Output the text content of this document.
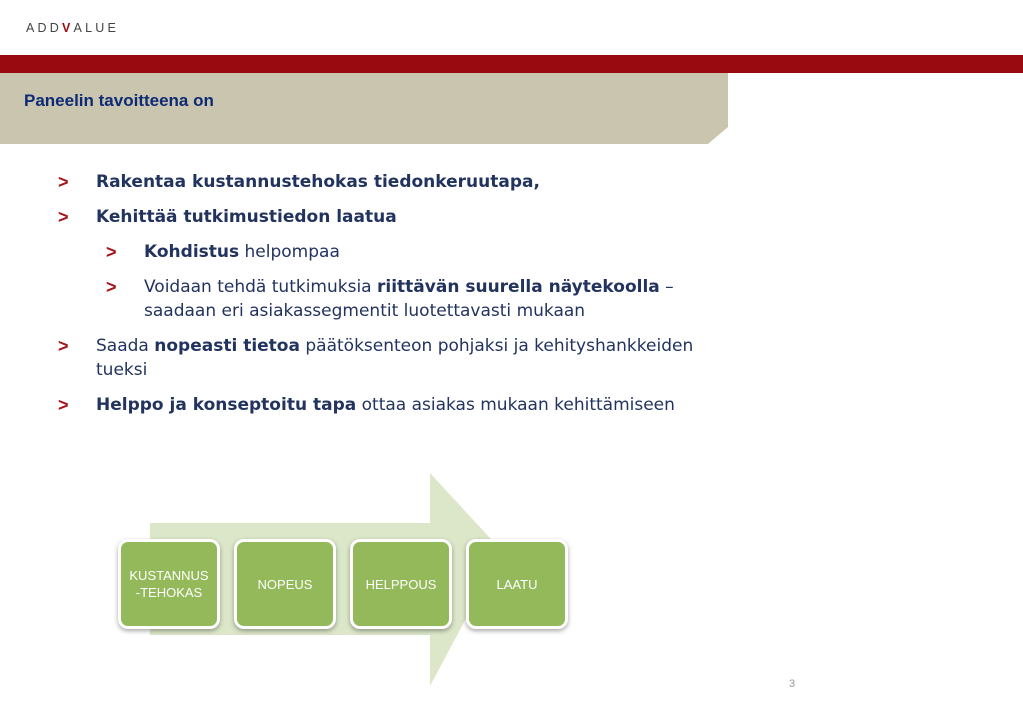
ADDVALUE
Paneelin tavoitteena on
> Rakentaa kustannustehokas tiedonkeruutapa,
> Kehittää tutkimustiedon laatua
> Kohdistus helpompaa
> Voidaan tehdä tutkimuksia riittävän suurella näytekoolla – saadaan eri asiakassegmentit luotettavasti mukaan
> Saada nopeasti tietoa päätöksenteon pohjaksi ja kehityshankkeiden tueksi
> Helppo ja konseptoitu tapa ottaa asiakas mukaan kehittämiseen
KUSTANNUS
-TEHOKAS
NOPEUS	HELPPOUS	LAATU
3
